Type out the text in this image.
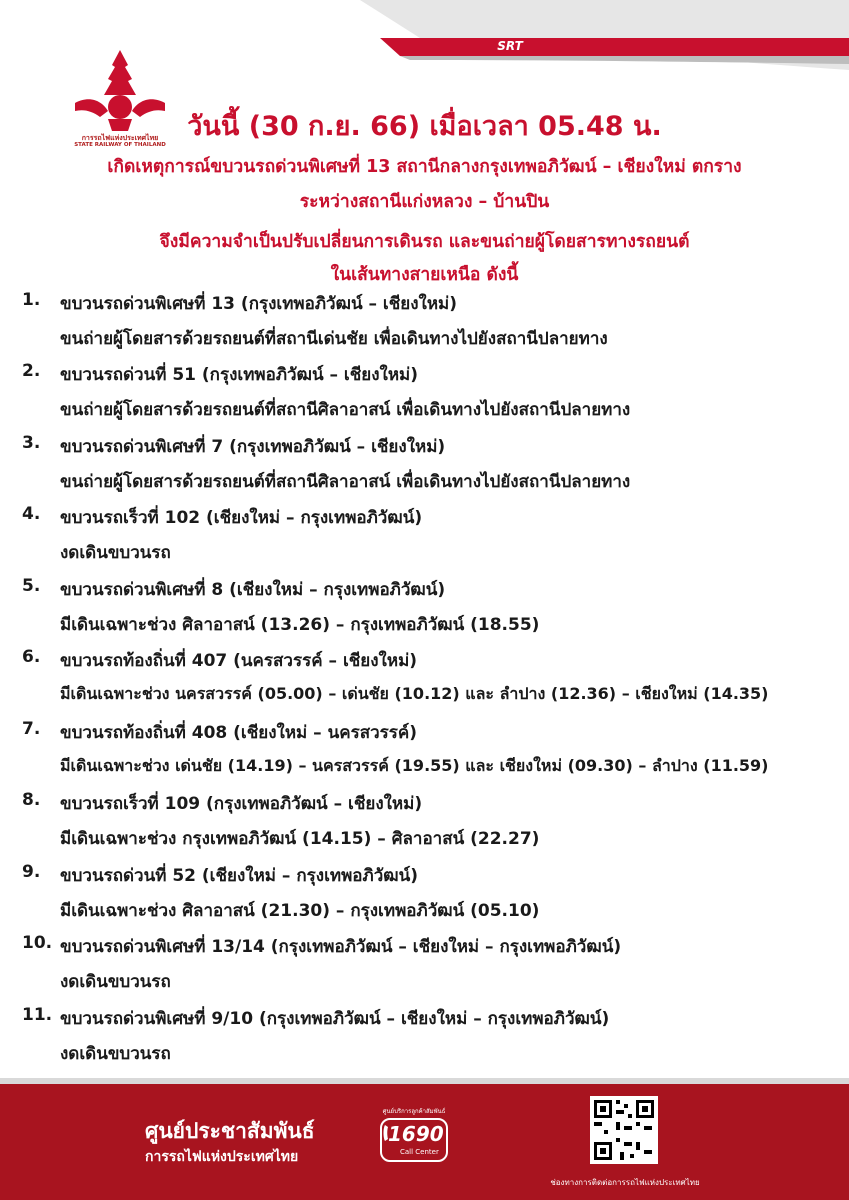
SRT
การรถไฟแห่งประเทศไทย
STATE RAILWAY OF THAILAND
วันนี้ (30 ก.ย. 66) เมื่อเวลา 05.48 น.
เกิดเหตุการณ์ขบวนรถด่วนพิเศษที่ 13 สถานีกลางกรุงเทพอภิวัฒน์ – เชียงใหม่ ตกราง
ระหว่างสถานีแก่งหลวง – บ้านปิน
จึงมีความจำเป็นปรับเปลี่ยนการเดินรถ และขนถ่ายผู้โดยสารทางรถยนต์
ในเส้นทางสายเหนือ ดังนี้
1. ขบวนรถด่วนพิเศษที่ 13 (กรุงเทพอภิวัฒน์ – เชียงใหม่)
ขนถ่ายผู้โดยสารด้วยรถยนต์ที่สถานีเด่นชัย เพื่อเดินทางไปยังสถานีปลายทาง
2. ขบวนรถด่วนที่ 51 (กรุงเทพอภิวัฒน์ – เชียงใหม่)
ขนถ่ายผู้โดยสารด้วยรถยนต์ที่สถานีศิลาอาสน์ เพื่อเดินทางไปยังสถานีปลายทาง
3. ขบวนรถด่วนพิเศษที่ 7 (กรุงเทพอภิวัฒน์ – เชียงใหม่)
ขนถ่ายผู้โดยสารด้วยรถยนต์ที่สถานีศิลาอาสน์ เพื่อเดินทางไปยังสถานีปลายทาง
4. ขบวนรถเร็วที่ 102 (เชียงใหม่ – กรุงเทพอภิวัฒน์)
งดเดินขบวนรถ
5. ขบวนรถด่วนพิเศษที่ 8 (เชียงใหม่ – กรุงเทพอภิวัฒน์)
มีเดินเฉพาะช่วง ศิลาอาสน์ (13.26) – กรุงเทพอภิวัฒน์ (18.55)
6. ขบวนรถท้องถิ่นที่ 407 (นครสวรรค์ – เชียงใหม่)
มีเดินเฉพาะช่วง นครสวรรค์ (05.00) – เด่นชัย (10.12) และ ลำปาง (12.36) – เชียงใหม่ (14.35)
7. ขบวนรถท้องถิ่นที่ 408 (เชียงใหม่ – นครสวรรค์)
มีเดินเฉพาะช่วง เด่นชัย (14.19) – นครสวรรค์ (19.55) และ เชียงใหม่ (09.30) – ลำปาง (11.59)
8. ขบวนรถเร็วที่ 109 (กรุงเทพอภิวัฒน์ – เชียงใหม่)
มีเดินเฉพาะช่วง กรุงเทพอภิวัฒน์ (14.15) – ศิลาอาสน์ (22.27)
9. ขบวนรถด่วนที่ 52 (เชียงใหม่ – กรุงเทพอภิวัฒน์)
มีเดินเฉพาะช่วง ศิลาอาสน์ (21.30) – กรุงเทพอภิวัฒน์ (05.10)
10. ขบวนรถด่วนพิเศษที่ 13/14 (กรุงเทพอภิวัฒน์ – เชียงใหม่ – กรุงเทพอภิวัฒน์)
งดเดินขบวนรถ
11. ขบวนรถด่วนพิเศษที่ 9/10 (กรุงเทพอภิวัฒน์ – เชียงใหม่ – กรุงเทพอภิวัฒน์)
งดเดินขบวนรถ
ศูนย์ประชาสัมพันธ์
การรถไฟแห่งประเทศไทย
ศูนย์บริการลูกค้าสัมพันธ์
1690
Call Center
ช่องทางการติดต่อการรถไฟแห่งประเทศไทย
